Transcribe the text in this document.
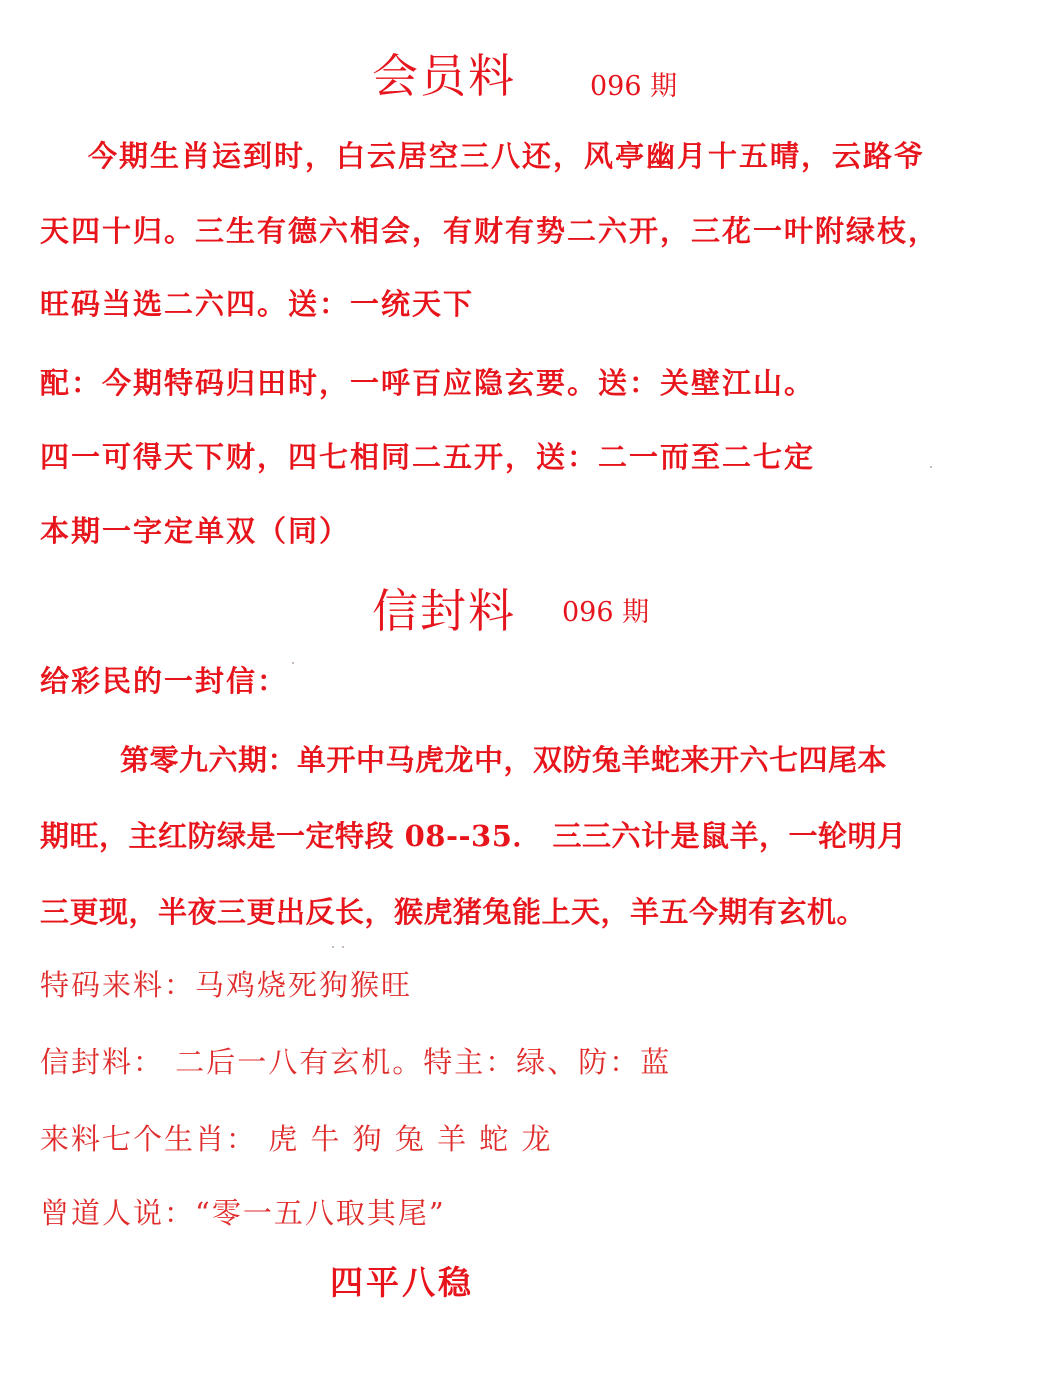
会员料	096 期
今期生肖运到时，白云居空三八还，风亭幽月十五晴，云路爷
天四十归。三生有德六相会，有财有势二六开，三花一叶附绿枝，
旺码当选二六四。送：一统天下
配：今期特码归田时，一呼百应隐玄要。送：关壁江山。
四一可得天下财，四七相同二五开，送：二一而至二七定
本期一字定单双（同）
信封料 096 期
给彩民的一封信：
第零九六期：单开中马虎龙中，双防兔羊蛇来开六七四尾本
期旺，主红防绿是一定特段 08--35． 三三六计是鼠羊，一轮明月
三更现，半夜三更出反长，猴虎猪兔能上天，羊五今期有玄机。
特码来料：马鸡烧死狗猴旺
信封料： 二后一八有玄机。特主：绿、防：蓝
来料七个生肖： 虎 牛 狗 兔 羊 蛇 龙
曾道人说：“零一五八取其尾”
四平八稳
